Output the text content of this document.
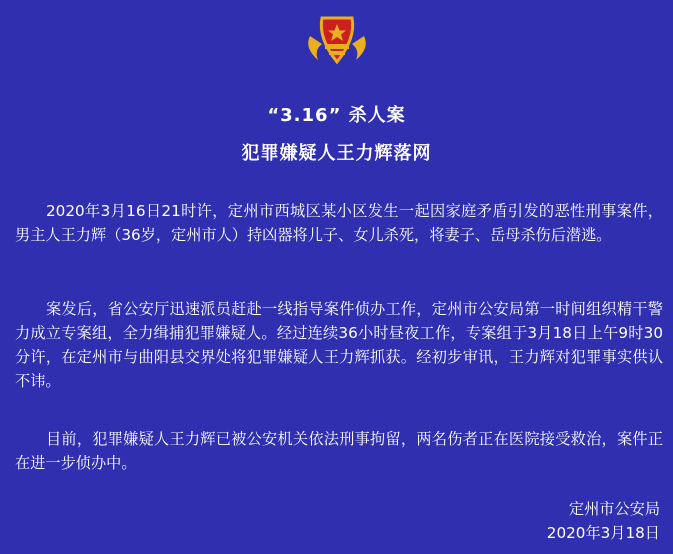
“3.16” 杀人案
犯罪嫌疑人王力辉落网
2020年3月16日21时许，定州市西城区某小区发生一起因家庭矛盾引发的恶性刑事案件，男主人王力辉（36岁，定州市人）持凶器将儿子、女儿杀死，将妻子、岳母杀伤后潜逃。
案发后，省公安厅迅速派员赶赴一线指导案件侦办工作，定州市公安局第一时间组织精干警力成立专案组，全力缉捕犯罪嫌疑人。经过连续36小时昼夜工作，专案组于3月18日上午9时30分许，在定州市与曲阳县交界处将犯罪嫌疑人王力辉抓获。经初步审讯，王力辉对犯罪事实供认不讳。
目前，犯罪嫌疑人王力辉已被公安机关依法刑事拘留，两名伤者正在医院接受救治，案件正在进一步侦办中。
定州市公安局
2020年3月18日
